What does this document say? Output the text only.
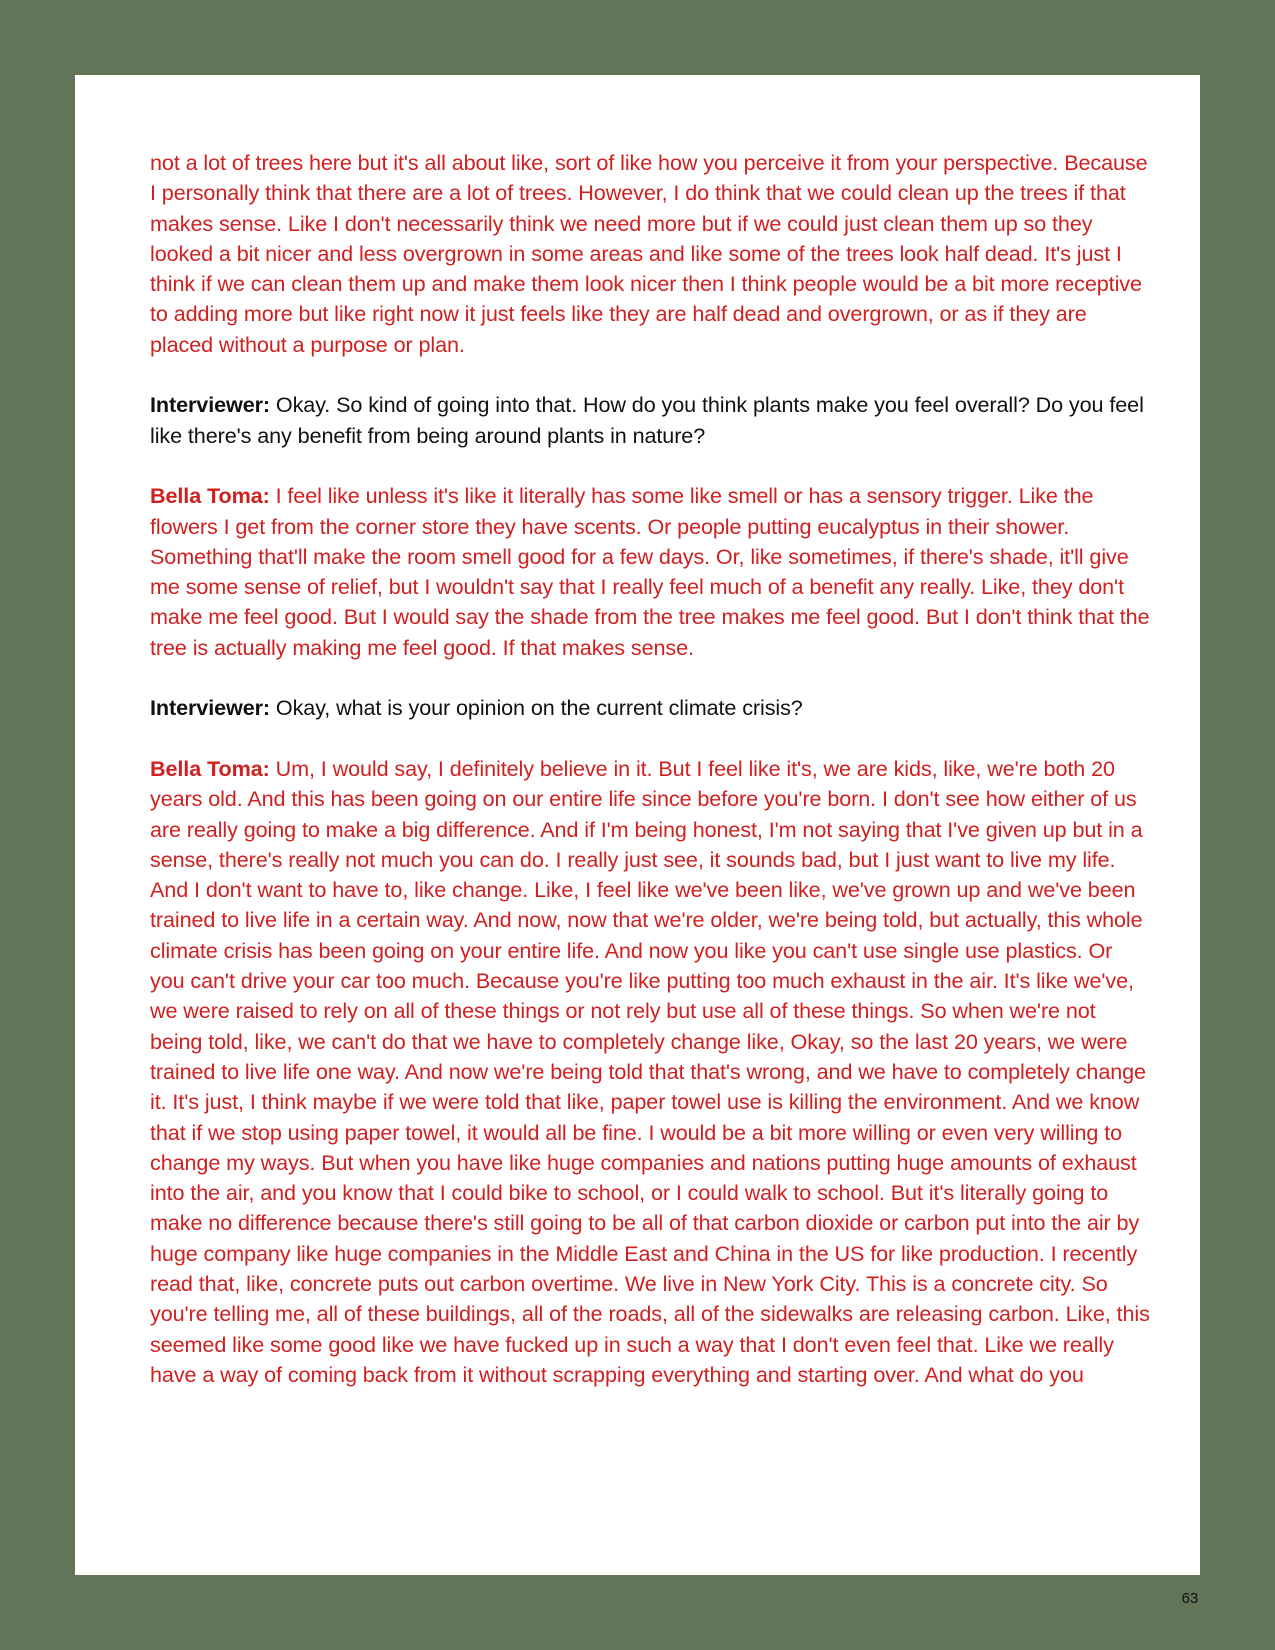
not a lot of trees here but it's all about like, sort of like how you perceive it from your perspective. Because I personally think that there are a lot of trees. However, I do think that we could clean up the trees if that makes sense. Like I don't necessarily think we need more but if we could just clean them up so they looked a bit nicer and less overgrown in some areas and like some of the trees look half dead. It's just I think if we can clean them up and make them look nicer then I think people would be a bit more receptive to adding more but like right now it just feels like they are half dead and overgrown, or as if they are placed without a purpose or plan.

Interviewer: Okay. So kind of going into that. How do you think plants make you feel overall? Do you feel like there's any benefit from being around plants in nature?

Bella Toma: I feel like unless it's like it literally has some like smell or has a sensory trigger. Like the flowers I get from the corner store they have scents. Or people putting eucalyptus in their shower. Something that'll make the room smell good for a few days. Or, like sometimes, if there's shade, it'll give me some sense of relief, but I wouldn't say that I really feel much of a benefit any really. Like, they don't make me feel good. But I would say the shade from the tree makes me feel good. But I don't think that the tree is actually making me feel good. If that makes sense.

Interviewer: Okay, what is your opinion on the current climate crisis?

Bella Toma: Um, I would say, I definitely believe in it. But I feel like it's, we are kids, like, we're both 20 years old. And this has been going on our entire life since before you're born. I don't see how either of us are really going to make a big difference. And if I'm being honest, I'm not saying that I've given up but in a sense, there's really not much you can do. I really just see, it sounds bad, but I just want to live my life. And I don't want to have to, like change. Like, I feel like we've been like, we've grown up and we've been trained to live life in a certain way. And now, now that we're older, we're being told, but actually, this whole climate crisis has been going on your entire life. And now you like you can't use single use plastics. Or you can't drive your car too much. Because you're like putting too much exhaust in the air. It's like we've, we were raised to rely on all of these things or not rely but use all of these things. So when we're not being told, like, we can't do that we have to completely change like, Okay, so the last 20 years, we were trained to live life one way. And now we're being told that that's wrong, and we have to completely change it. It's just, I think maybe if we were told that like, paper towel use is killing the environment. And we know that if we stop using paper towel, it would all be fine. I would be a bit more willing or even very willing to change my ways. But when you have like huge companies and nations putting huge amounts of exhaust into the air, and you know that I could bike to school, or I could walk to school. But it's literally going to make no difference because there's still going to be all of that carbon dioxide or carbon put into the air by huge company like huge companies in the Middle East and China in the US for like production. I recently read that, like, concrete puts out carbon overtime. We live in New York City. This is a concrete city. So you're telling me, all of these buildings, all of the roads, all of the sidewalks are releasing carbon. Like, this seemed like some good like we have fucked up in such a way that I don't even feel that. Like we really have a way of coming back from it without scrapping everything and starting over. And what do you

63
